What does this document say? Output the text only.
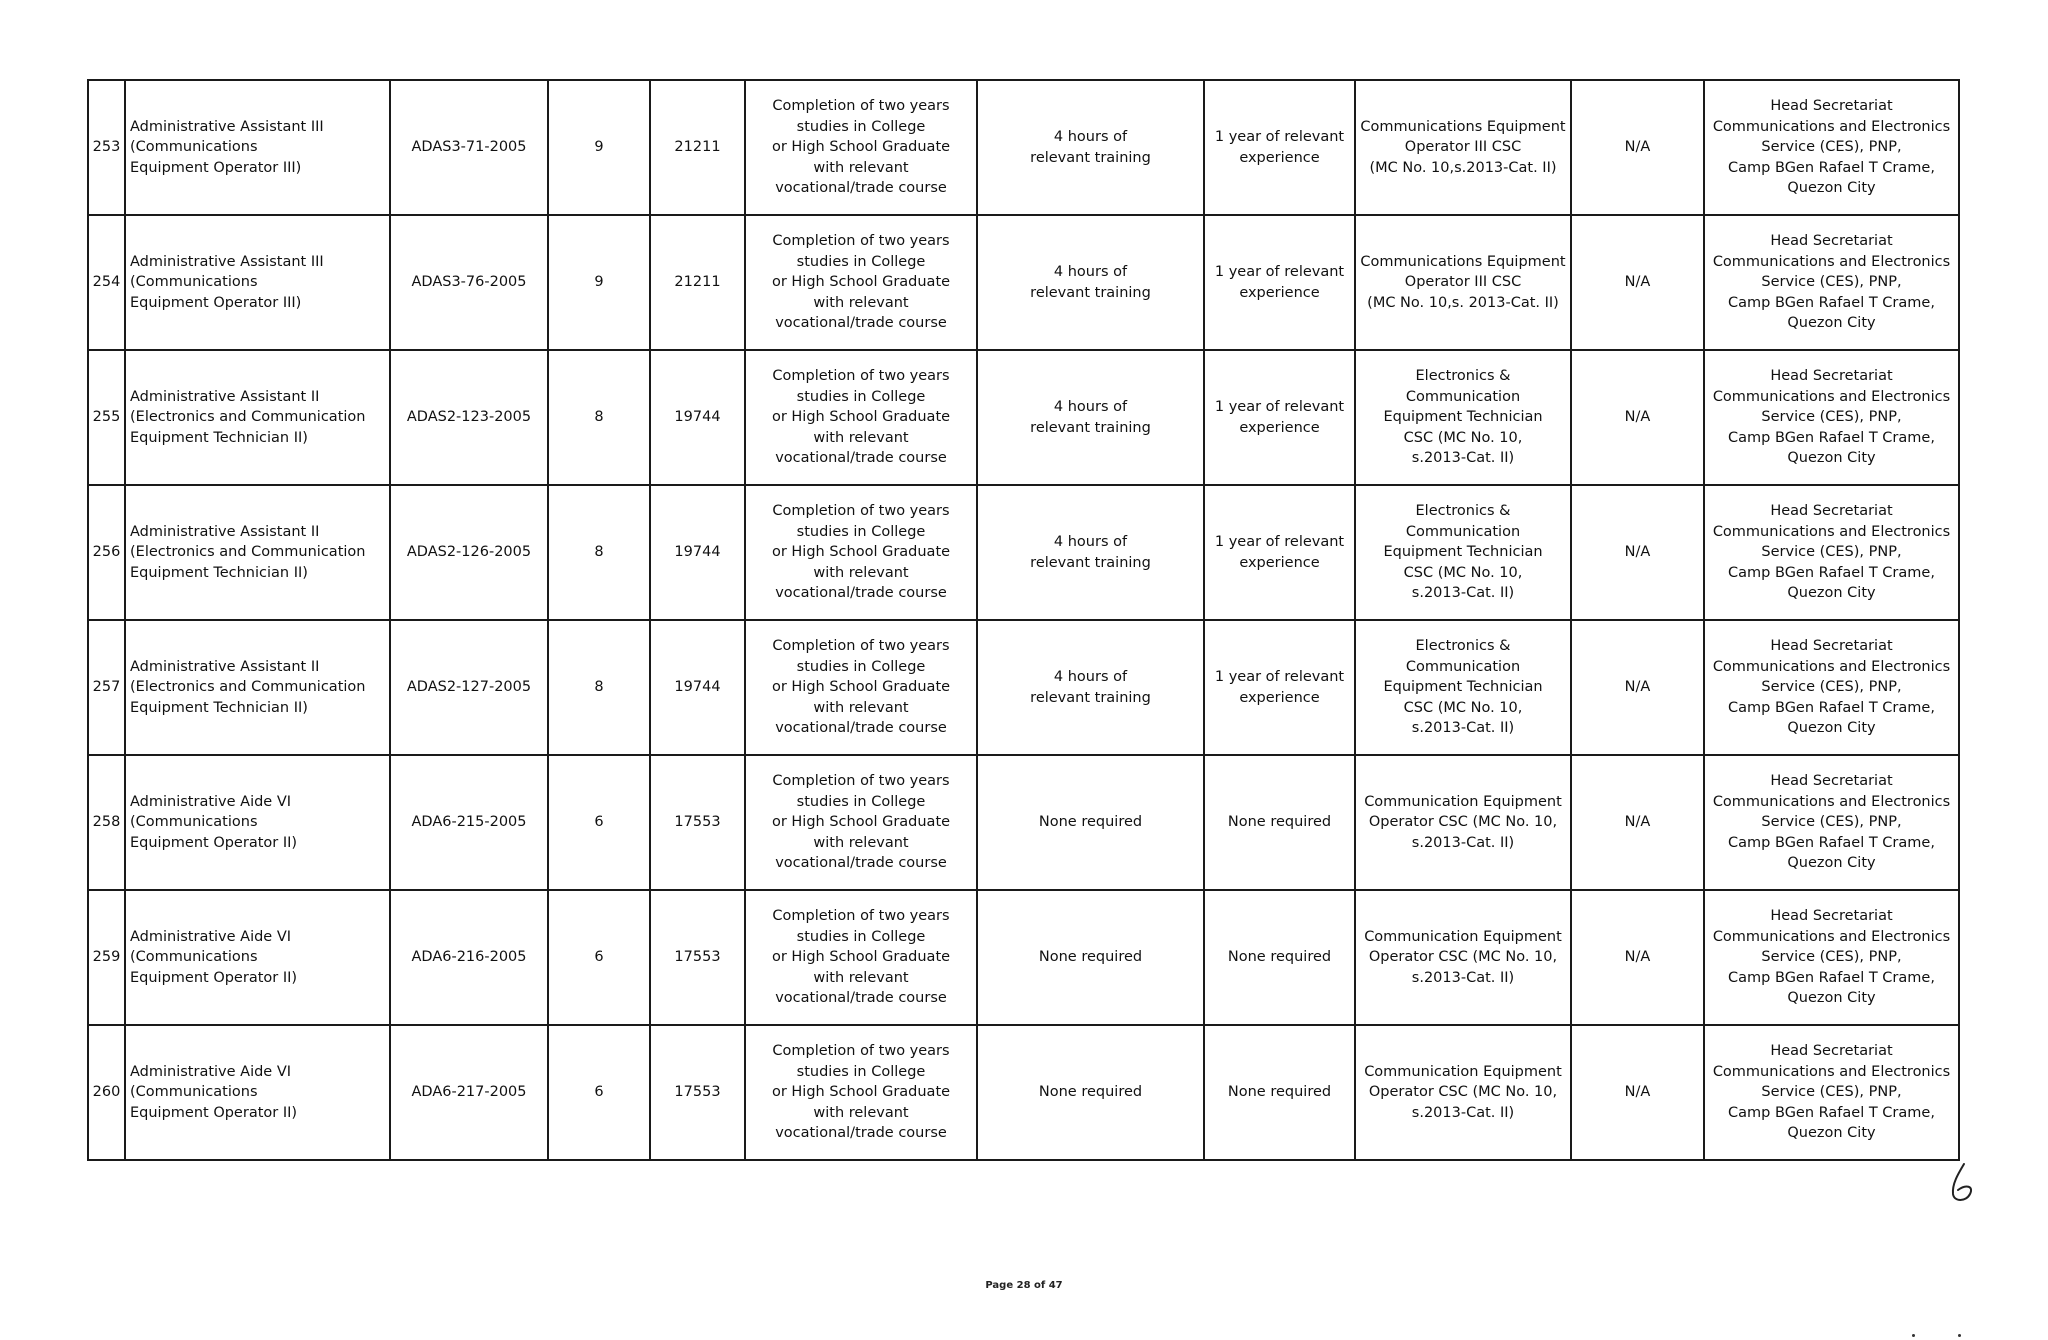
253	Administrative Assistant III
(Communications
Equipment Operator III)	ADAS3-71-2005	9	21211	Completion of two years
studies in College
or High School Graduate
with relevant
vocational/trade course	4 hours of
relevant training	1 year of relevant
experience	Communications Equipment
Operator III CSC
(MC No. 10,s.2013-Cat. II)	N/A	Head Secretariat
Communications and Electronics
Service (CES), PNP,
Camp BGen Rafael T Crame,
Quezon City
254	Administrative Assistant III
(Communications
Equipment Operator III)	ADAS3-76-2005	9	21211	Completion of two years
studies in College
or High School Graduate
with relevant
vocational/trade course	4 hours of
relevant training	1 year of relevant
experience	Communications Equipment
Operator III CSC
(MC No. 10,s. 2013-Cat. II)	N/A	Head Secretariat
Communications and Electronics
Service (CES), PNP,
Camp BGen Rafael T Crame,
Quezon City
255	Administrative Assistant II
(Electronics and Communication
Equipment Technician II)	ADAS2-123-2005	8	19744	Completion of two years
studies in College
or High School Graduate
with relevant
vocational/trade course	4 hours of
relevant training	1 year of relevant
experience	Electronics & Communication
Equipment Technician
CSC (MC No. 10,
s.2013-Cat. II)	N/A	Head Secretariat
Communications and Electronics
Service (CES), PNP,
Camp BGen Rafael T Crame,
Quezon City
256	Administrative Assistant II
(Electronics and Communication
Equipment Technician II)	ADAS2-126-2005	8	19744	Completion of two years
studies in College
or High School Graduate
with relevant
vocational/trade course	4 hours of
relevant training	1 year of relevant
experience	Electronics & Communication
Equipment Technician
CSC (MC No. 10,
s.2013-Cat. II)	N/A	Head Secretariat
Communications and Electronics
Service (CES), PNP,
Camp BGen Rafael T Crame,
Quezon City
257	Administrative Assistant II
(Electronics and Communication
Equipment Technician II)	ADAS2-127-2005	8	19744	Completion of two years
studies in College
or High School Graduate
with relevant
vocational/trade course	4 hours of
relevant training	1 year of relevant
experience	Electronics & Communication
Equipment Technician
CSC (MC No. 10,
s.2013-Cat. II)	N/A	Head Secretariat
Communications and Electronics
Service (CES), PNP,
Camp BGen Rafael T Crame,
Quezon City
258	Administrative Aide VI
(Communications
Equipment Operator II)	ADA6-215-2005	6	17553	Completion of two years
studies in College
or High School Graduate
with relevant
vocational/trade course	None required	None required	Communication Equipment
Operator CSC (MC No. 10,
s.2013-Cat. II)	N/A	Head Secretariat
Communications and Electronics
Service (CES), PNP,
Camp BGen Rafael T Crame,
Quezon City
259	Administrative Aide VI
(Communications
Equipment Operator II)	ADA6-216-2005	6	17553	Completion of two years
studies in College
or High School Graduate
with relevant
vocational/trade course	None required	None required	Communication Equipment
Operator CSC (MC No. 10,
s.2013-Cat. II)	N/A	Head Secretariat
Communications and Electronics
Service (CES), PNP,
Camp BGen Rafael T Crame,
Quezon City
260	Administrative Aide VI
(Communications
Equipment Operator II)	ADA6-217-2005	6	17553	Completion of two years
studies in College
or High School Graduate
with relevant
vocational/trade course	None required	None required	Communication Equipment
Operator CSC (MC No. 10,
s.2013-Cat. II)	N/A	Head Secretariat
Communications and Electronics
Service (CES), PNP,
Camp BGen Rafael T Crame,
Quezon City
Page 28 of 47
